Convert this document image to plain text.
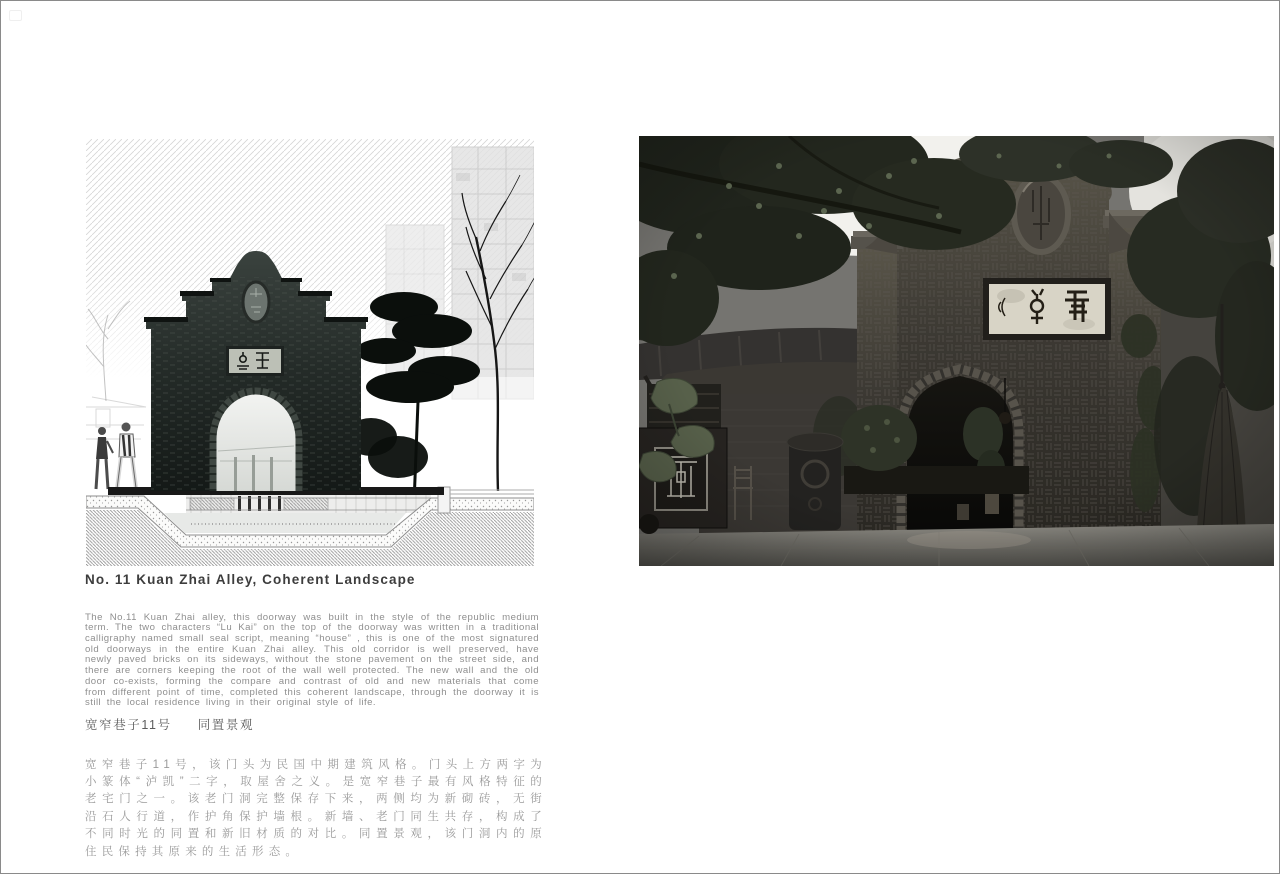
No. 11 Kuan Zhai Alley, Coherent Landscape

The No.11 Kuan Zhai alley, this doorway was built in the style of the republic medium term. The two characters “Lu Kai” on the top of the doorway was written in a traditional calligraphy named small seal script, meaning “house” , this is one of the most signatured old doorways in the entire Kuan Zhai alley. This old corridor is well preserved, have newly paved bricks on its sideways, without the stone pavement on the street side, and there are corners keeping the root of the wall well protected. The new wall and the old door co-exists, forming the compare and contrast of old and new materials that come from different point of time, completed this coherent landscape, through the doorway it is still the local residence living in their original style of life.

宽窄巷子11号 同置景观

宽窄巷子11号，该门头为民国中期建筑风格。门头上方两字为小篆体“泸凯”二字，取屋舍之义。是宽窄巷子最有风格特征的老宅门之一。该老门洞完整保存下来，两侧均为新砌砖，无街沿石人行道，作护角保护墙根。新墙、老门同生共存，构成了不同时光的同置和新旧材质的对比。同置景观，该门洞内的原住民保持其原来的生活形态。
